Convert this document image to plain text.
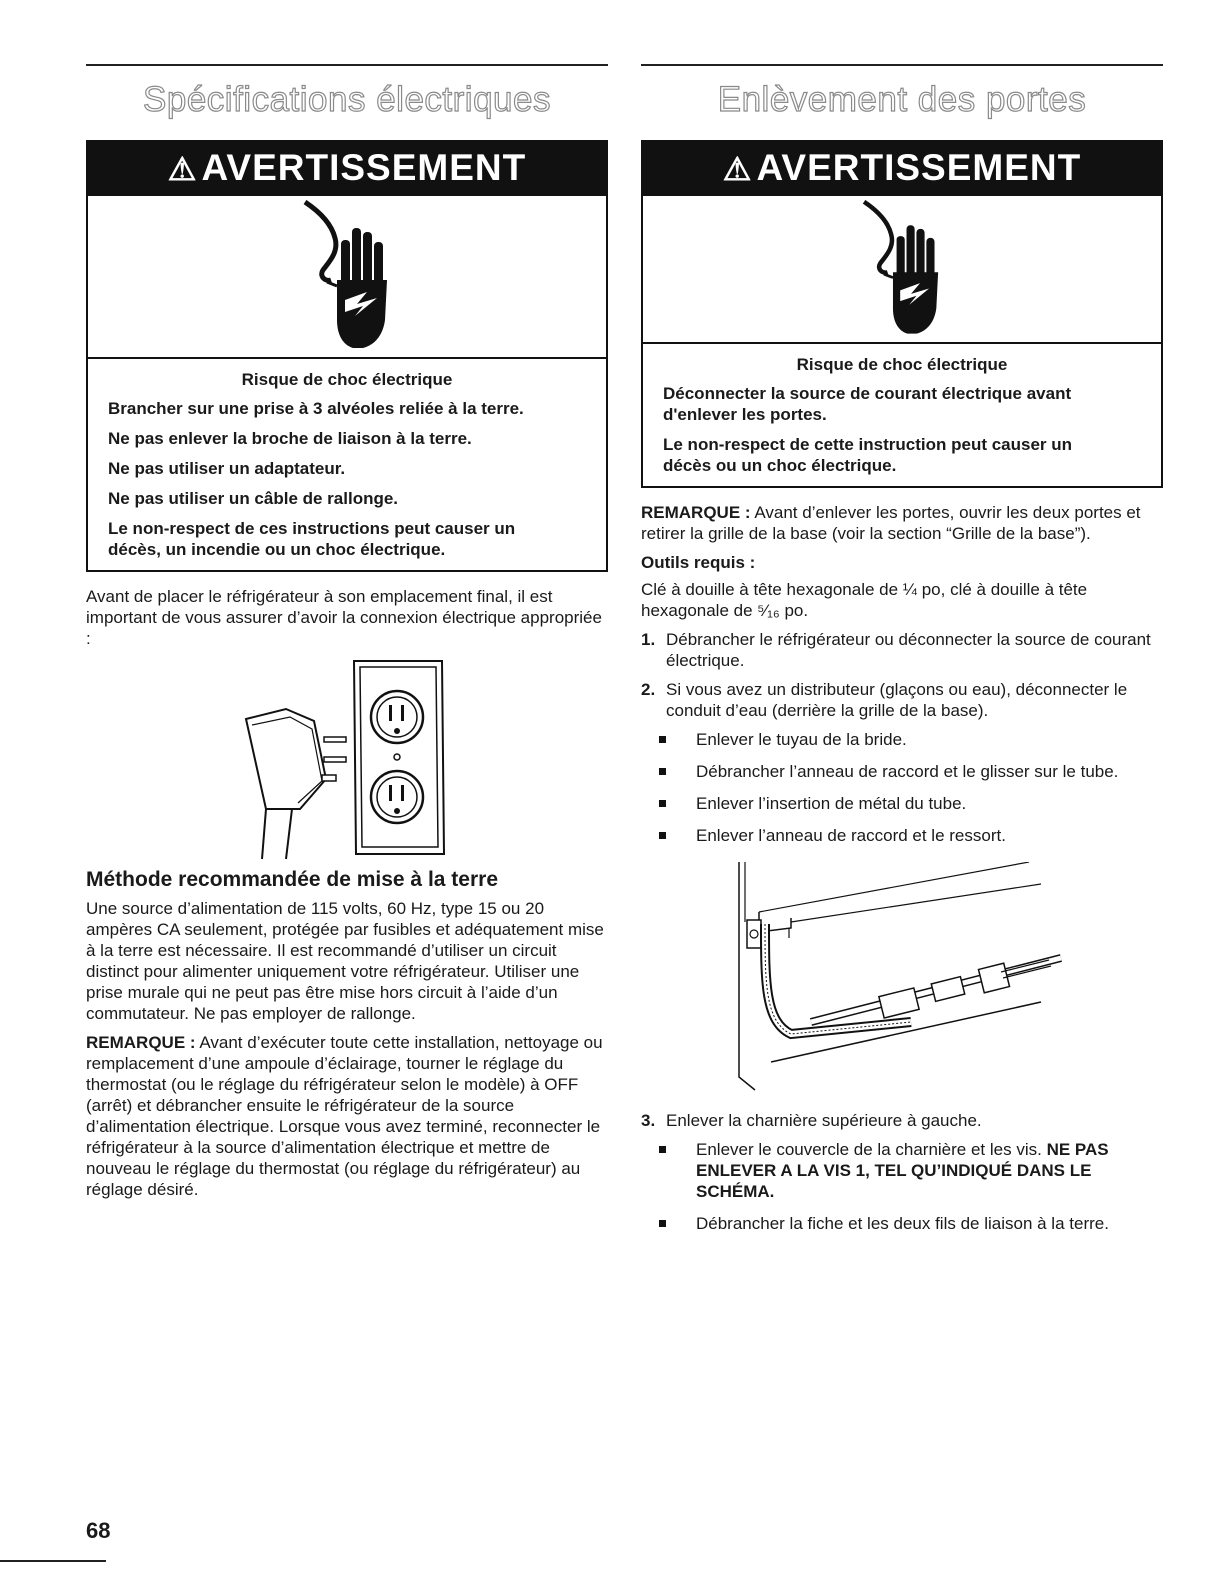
Spécifications électriques
⚠ AVERTISSEMENT
Risque de choc électrique

Brancher sur une prise à 3 alvéoles reliée à la terre.

Ne pas enlever la broche de liaison à la terre.

Ne pas utiliser un adaptateur.

Ne pas utiliser un câble de rallonge.

Le non-respect de ces instructions peut causer un décès, un incendie ou un choc électrique.

Avant de placer le réfrigérateur à son emplacement final, il est important de vous assurer d’avoir la connexion électrique appropriée :

Méthode recommandée de mise à la terre

Une source d’alimentation de 115 volts, 60 Hz, type 15 ou 20 ampères CA seulement, protégée par fusibles et adéquatement mise à la terre est nécessaire. Il est recommandé d’utiliser un circuit distinct pour alimenter uniquement votre réfrigérateur. Utiliser une prise murale qui ne peut pas être mise hors circuit à l’aide d’un commutateur. Ne pas employer de rallonge.

REMARQUE : Avant d’exécuter toute cette installation, nettoyage ou remplacement d’une ampoule d’éclairage, tourner le réglage du thermostat (ou le réglage du réfrigérateur selon le modèle) à OFF (arrêt) et débrancher ensuite le réfrigérateur de la source d’alimentation électrique. Lorsque vous avez terminé, reconnecter le réfrigérateur à la source d’alimentation électrique et mettre de nouveau le réglage du thermostat (ou réglage du réfrigérateur) au réglage désiré.

Enlèvement des portes
⚠ AVERTISSEMENT
Risque de choc électrique

Déconnecter la source de courant électrique avant d'enlever les portes.

Le non-respect de cette instruction peut causer un décès ou un choc électrique.

REMARQUE : Avant d’enlever les portes, ouvrir les deux portes et retirer la grille de la base (voir la section “Grille de la base”).

Outils requis :

Clé à douille à tête hexagonale de ¼ po, clé à douille à tête hexagonale de ⁵⁄₁₆ po.

1. Débrancher le réfrigérateur ou déconnecter la source de courant électrique.
2. Si vous avez un distributeur (glaçons ou eau), déconnecter le conduit d’eau (derrière la grille de la base).
Enlever le tuyau de la bride.
Débrancher l’anneau de raccord et le glisser sur le tube.
Enlever l’insertion de métal du tube.
Enlever l’anneau de raccord et le ressort.
3. Enlever la charnière supérieure à gauche.
Enlever le couvercle de la charnière et les vis. NE PAS ENLEVER A LA VIS 1, TEL QU’INDIQUÉ DANS LE SCHÉMA.
Débrancher la fiche et les deux fils de liaison à la terre.
68
